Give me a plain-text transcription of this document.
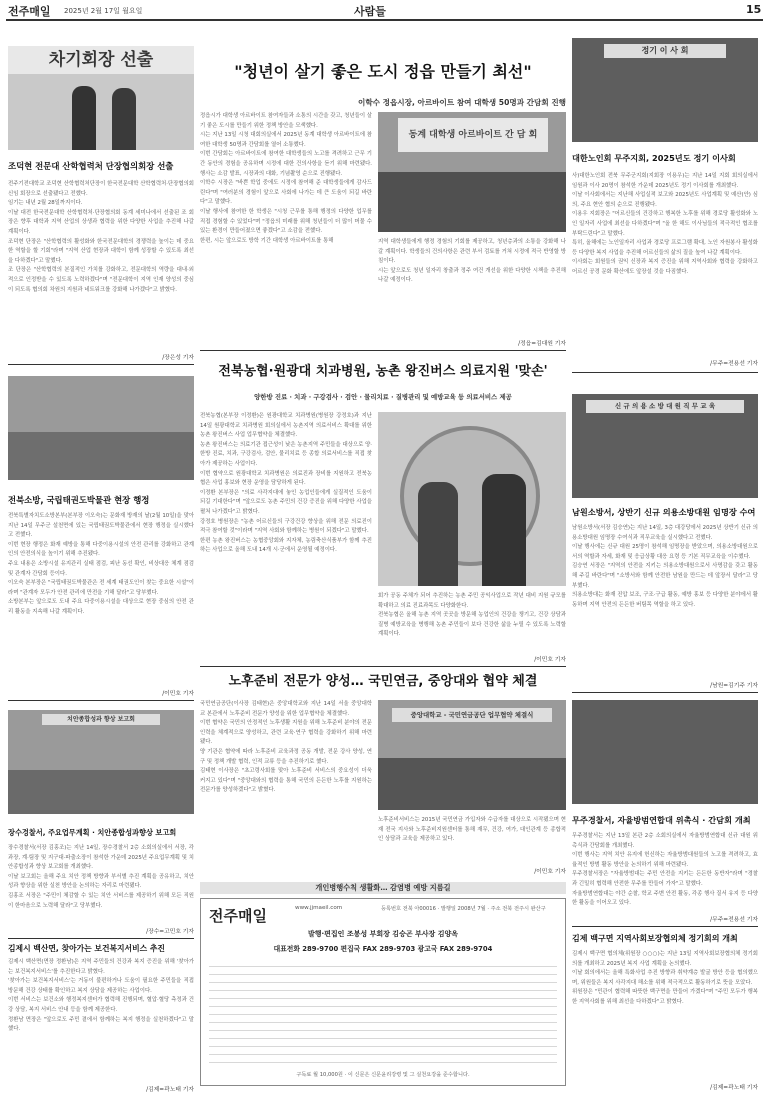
전주매일 2025년 2월 17일 월요일	사람들	15
차기회장 선출
조덕현 전문대 산학협력처 단장협의회장 선출
전주기전대학교 조덕현 산학협력처단장이 한국전문대학 산학협력처·단장협의회 신임 회장으로 선출됐다고 전했다.
임기는 내년 2월 28일까지이다.
이날 대전 한국전문대학 산학협력처·단장협의회 동계 세미나에서 선출된 조 회장은 향후 대학과 지역 산업의 상생과 협력을 위한 다양한 사업을 추진해 나갈 계획이다.
조덕현 단장은 "산학협력의 활성화와 한국전문대학의 경쟁력을 높이는 데 중요한 역할을 할 기회"라며 "지역 산업 현장과 대학이 함께 성장할 수 있도록 최선을 다하겠다"고 말했다.
조 단장은 "산학협력의 본질적인 가치를 강화하고, 전문대학의 역량을 대내·외적으로 인정받을 수 있도록 노력하겠다"며 "전문대학이 지역 인재 양성의 중심이 되도록 협의회 차원의 지원과 네트워크를 강화해 나가겠다"고 밝혔다.
/장은성 기자
"청년이 살기 좋은 도시 정읍 만들기 최선"
이학수 정읍시장, 아르바이트 참여 대학생 50명과 간담회 진행
정읍시가 대학생 아르바이트 참여자들과 소통의 시간을 갖고, 청년들이 살기 좋은 도시를 만들기 위한 정책 방안을 모색했다.
시는 지난 13일 시청 대회의실에서 2025년 동계 대학생 아르바이트에 참여한 대학생 50명과 간담회를 열어 소통했다.
이번 간담회는 아르바이트에 참여한 대학생들의 노고를 격려하고 근무 기간 동안의 경험을 공유하며 시정에 대한 건의사항을 듣기 위해 마련됐다. 행사는 소감 발표, 시장과의 대화, 기념촬영 순으로 진행됐다.
이학수 시장은 "바쁜 학업 중에도 시정에 참여해 준 대학생들에게 감사드린다"며 "여러분의 경험이 앞으로 사회에 나가는 데 큰 도움이 되길 바란다"고 말했다.
이날 행사에 참여한 한 학생은 "시청 근무를 통해 행정의 다양한 업무를 직접 경험할 수 있었다"며 "정읍의 미래를 위해 청년들이 더 많이 머물 수 있는 환경이 만들어졌으면 좋겠다"고 소감을 전했다.
한편, 시는 앞으로도 방학 기간 대학생 아르바이트를 통해
동계 대학생 아르바이트 간 담 회
지역 대학생들에게 행정 경험의 기회를 제공하고, 청년층과의 소통을 강화해 나갈 계획이다. 학생들의 건의사항은 관련 부서 검토를 거쳐 시정에 적극 반영할 방침이다.
시는 앞으로도 청년 일자리 창출과 정주 여건 개선을 위한 다양한 시책을 추진해 나갈 예정이다.
/정읍=김대원 기자
정기 이 사 회
대한노인회 무주지회, 2025년도 정기 이사회
사)대한노인회 전북 무주군지회(지회장 이용우)는 지난 14일 지회 회의실에서 임원과 이사 20명이 참석한 가운데 2025년도 정기 이사회를 개최했다.
이날 이사회에서는 지난해 사업실적 보고와 2025년도 사업계획 및 예산(안) 심의, 주요 현안 협의 순으로 진행됐다.
이용우 지회장은 "어르신들의 건강하고 행복한 노후를 위해 경로당 활성화와 노인 일자리 사업에 최선을 다하겠다"며 "올 한 해도 이사님들의 적극적인 협조를 부탁드린다"고 말했다.
특히, 올해에는 노인일자리 사업과 경로당 프로그램 확대, 노인 자원봉사 활성화 등 다양한 복지 사업을 추진해 어르신들의 삶의 질을 높여 나갈 계획이다.
이사회는 회원들의 권익 신장과 복지 증진을 위해 지역사회와 협력을 강화하고 어르신 공경 문화 확산에도 앞장설 것을 다짐했다.
/무주=전용선 기자
전북농협·원광대 치과병원, 농촌 왕진버스 의료지원 '맞손'
양한방 진료 · 치과 · 구강검사 · 검안 · 물리치료 · 질병관리 및 예방교육 등 의료서비스 제공
전북농협(본부장 이정환)은 원광대학교 치과병원(병원장 강정호)과 지난 14일 원광대학교 치과병원 회의실에서 농촌지역 의료서비스 확대를 위한 농촌 왕진버스 사업 업무협약을 체결했다.
농촌 왕진버스는 의료기관 접근성이 낮은 농촌지역 주민들을 대상으로 양·한방 진료, 치과, 구강검사, 검안, 물리치료 등 종합 의료서비스를 직접 찾아가 제공하는 사업이다.
이번 협약으로 원광대학교 치과병원은 의료진과 장비를 지원하고 전북농협은 사업 홍보와 현장 운영을 담당하게 된다.
이정환 본부장은 "의료 사각지대에 놓인 농업인들에게 실질적인 도움이 되길 기대한다"며 "앞으로도 농촌 주민의 건강 증진을 위해 다양한 사업을 펼쳐 나가겠다"고 밝혔다.
강정호 병원장은 "농촌 어르신들의 구강건강 향상을 위해 전문 의료진이 적극 참여할 것"이라며 "지역 사회와 함께하는 병원이 되겠다"고 말했다.
한편 농촌 왕진버스는 농협중앙회와 지자체, 농림축산식품부가 함께 추진하는 사업으로 올해 도내 14개 시·군에서 운영될 예정이다.
회가 공동 주체가 되어 추진하는 농촌 주민 공익사업으로 작년 대비 지원 규모를 확대하고 의료 진료과목도 다양화한다.
전북농협은 올해 농촌 지역 곳곳을 방문해 농업인의 건강을 챙기고, 건강 상담과 질병 예방교육을 병행해 농촌 주민들이 보다 건강한 삶을 누릴 수 있도록 노력할 계획이다.
/이민호 기자
신 규 의 용 소 방 대 원 직 무 교 육
남원소방서, 상반기 신규 의용소방대원 임명장 수여
남원소방서(서장 김승연)는 지난 14일, 3층 대강당에서 2025년 상반기 신규 의용소방대원 임명장 수여식과 직무교육을 실시했다고 전했다.
이날 행사에는 신규 대원 25명이 참석해 임명장을 받았으며, 의용소방대원으로서의 역할과 자세, 화재 및 응급상황 대응 요령 등 기본 직무교육을 이수했다.
김승연 서장은 "지역의 안전을 지키는 의용소방대원으로서 사명감을 갖고 활동해 주길 바란다"며 "소방서와 함께 안전한 남원을 만드는 데 앞장서 달라"고 당부했다.
의용소방대는 화재 진압 보조, 구조·구급 활동, 예방 홍보 등 다양한 분야에서 활동하며 지역 안전의 든든한 버팀목 역할을 하고 있다.
/남원=김기주 기자
전북소방, 국립태권도박물관 현장 행정
전북특별자치도소방본부(본부장 이오숙)는 문화재 방재의 날(2월 10일)을 맞아 지난 14일 무주군 설천면에 있는 국립태권도박물관에서 현장 행정을 실시했다고 전했다.
이번 현장 행정은 화재 예방을 통해 다중이용시설의 안전 관리를 강화하고 관계인의 안전의식을 높이기 위해 추진됐다.
주요 내용은 소방시설 유지관리 실태 점검, 피난 동선 확인, 비상대응 체계 점검 및 관계자 간담회 등이다.
이오숙 본부장은 "국립태권도박물관은 전 세계 태권도인이 찾는 중요한 시설"이라며 "관계자 모두가 안전 관리에 만전을 기해 달라"고 당부했다.
소방본부는 앞으로도 도내 주요 다중이용시설을 대상으로 현장 중심의 안전 관리 활동을 지속해 나갈 계획이다.
/이민호 기자
노후준비 전문가 양성… 국민연금, 중앙대와 협약 체결
국민연금공단(이사장 김태현)은 중앙대학교와 지난 14일 서울 중앙대학교 본관에서 노후준비 전문가 양성을 위한 업무협약을 체결했다.
이번 협약은 국민의 안정적인 노후생활 지원을 위해 노후준비 분야의 전문 인력을 체계적으로 양성하고, 관련 교육·연구 협력을 강화하기 위해 마련됐다.
양 기관은 협약에 따라 노후준비 교육과정 공동 개발, 전문 강사 양성, 연구 및 정책 개발 협력, 인적 교류 등을 추진하기로 했다.
김태현 이사장은 "초고령사회를 맞아 노후준비 서비스의 중요성이 더욱 커지고 있다"며 "중앙대와의 협력을 통해 국민의 든든한 노후를 지원하는 전문가를 양성하겠다"고 밝혔다.
중앙대학교 - 국민연금공단 업무협약 체결식
노후준비서비스는 2015년 국민연금 가입자와 수급자를 대상으로 시작됐으며 현재 전국 지사와 노후준비지원센터를 통해 재무, 건강, 여가, 대인관계 등 종합적인 상담과 교육을 제공하고 있다.
/이민호 기자
무주경찰서, 자율방범연합대 위촉식 · 간담회 개최
무주경찰서는 지난 13일 본관 2층 소회의실에서 자율방범연합대 신규 대원 위촉식과 간담회를 개최했다.
이번 행사는 지역 치안 유지에 헌신하는 자율방범대원들의 노고를 격려하고, 효율적인 방범 활동 방안을 논의하기 위해 마련됐다.
무주경찰서장은 "자율방범대는 주민 안전을 지키는 든든한 동반자"라며 "경찰과 긴밀히 협력해 안전한 무주를 만들어 가자"고 말했다.
자율방범연합대는 야간 순찰, 학교 주변 안전 활동, 각종 행사 질서 유지 등 다양한 활동을 이어오고 있다.
/무주=전용선 기자
치안종합성과 향상 보고회
장수경찰서, 주요업무계획 · 치안종합성과향상 보고회
장수경찰서(서장 김홍조)는 지난 14일, 장수경찰서 2층 소회의실에서 서장, 각 과장, 계·팀장 및 지구대·파출소장이 참석한 가운데 2025년 주요업무계획 및 치안종합성과 향상 보고회를 개최했다.
이날 보고회는 올해 주요 치안 정책 방향과 부서별 추진 계획을 공유하고, 치안 성과 향상을 위한 실천 방안을 논의하는 자리로 마련됐다.
김홍조 서장은 "주민이 체감할 수 있는 치안 서비스를 제공하기 위해 모든 직원이 한마음으로 노력해 달라"고 당부했다.
/장수=고민호 기자
김제시 백산면, 찾아가는 보건복지서비스 추진
김제시 백산면(면장 정환남)은 지역 주민들의 건강과 복지 증진을 위해 '찾아가는 보건복지서비스'를 추진한다고 밝혔다.
'찾아가는 보건복지서비스'는 거동이 불편하거나 도움이 필요한 주민들을 직접 방문해 건강 상태를 확인하고 복지 상담을 제공하는 사업이다.
이번 서비스는 보건소와 행정복지센터가 협력해 진행되며, 혈압·혈당 측정과 건강 상담, 복지 서비스 안내 등을 함께 제공한다.
정환남 면장은 "앞으로도 주민 곁에서 함께하는 복지 행정을 실천하겠다"고 말했다.
/김제=곽노태 기자
김제 백구면 지역사회보장협의체 정기회의 개최
김제시 백구면 협의체(위원장 ○○○)는 지난 13일 지역사회보장협의체 정기회의를 개최하고 2025년 복지 사업 계획을 논의했다.
이날 회의에서는 올해 특화사업 추진 방향과 취약계층 발굴 방안 등을 협의했으며, 위원들은 복지 사각지대 해소를 위해 적극적으로 활동하기로 뜻을 모았다.
위원장은 "민관이 협력해 따뜻한 백구면을 만들어 가겠다"며 "주민 모두가 행복한 지역사회를 위해 최선을 다하겠다"고 밝혔다.
/김제=곽노태 기자
개인병행수칙 생활화… 감염병 예방 지름길
전주매일	www.jjmaeil.com	등록번호 전북 아00016 · 발행일 2008년 7월 · 주소 전북 전주시 완산구
발행·편집인 조봉성 부회장 김승곤 부사장 김양옥
대표전화 289-9700 편집국 FAX 289-9703 광고국 FAX 289-9704
구독료 월 10,000원 · 이 신문은 신문윤리강령 및 그 실천요강을 준수합니다.
